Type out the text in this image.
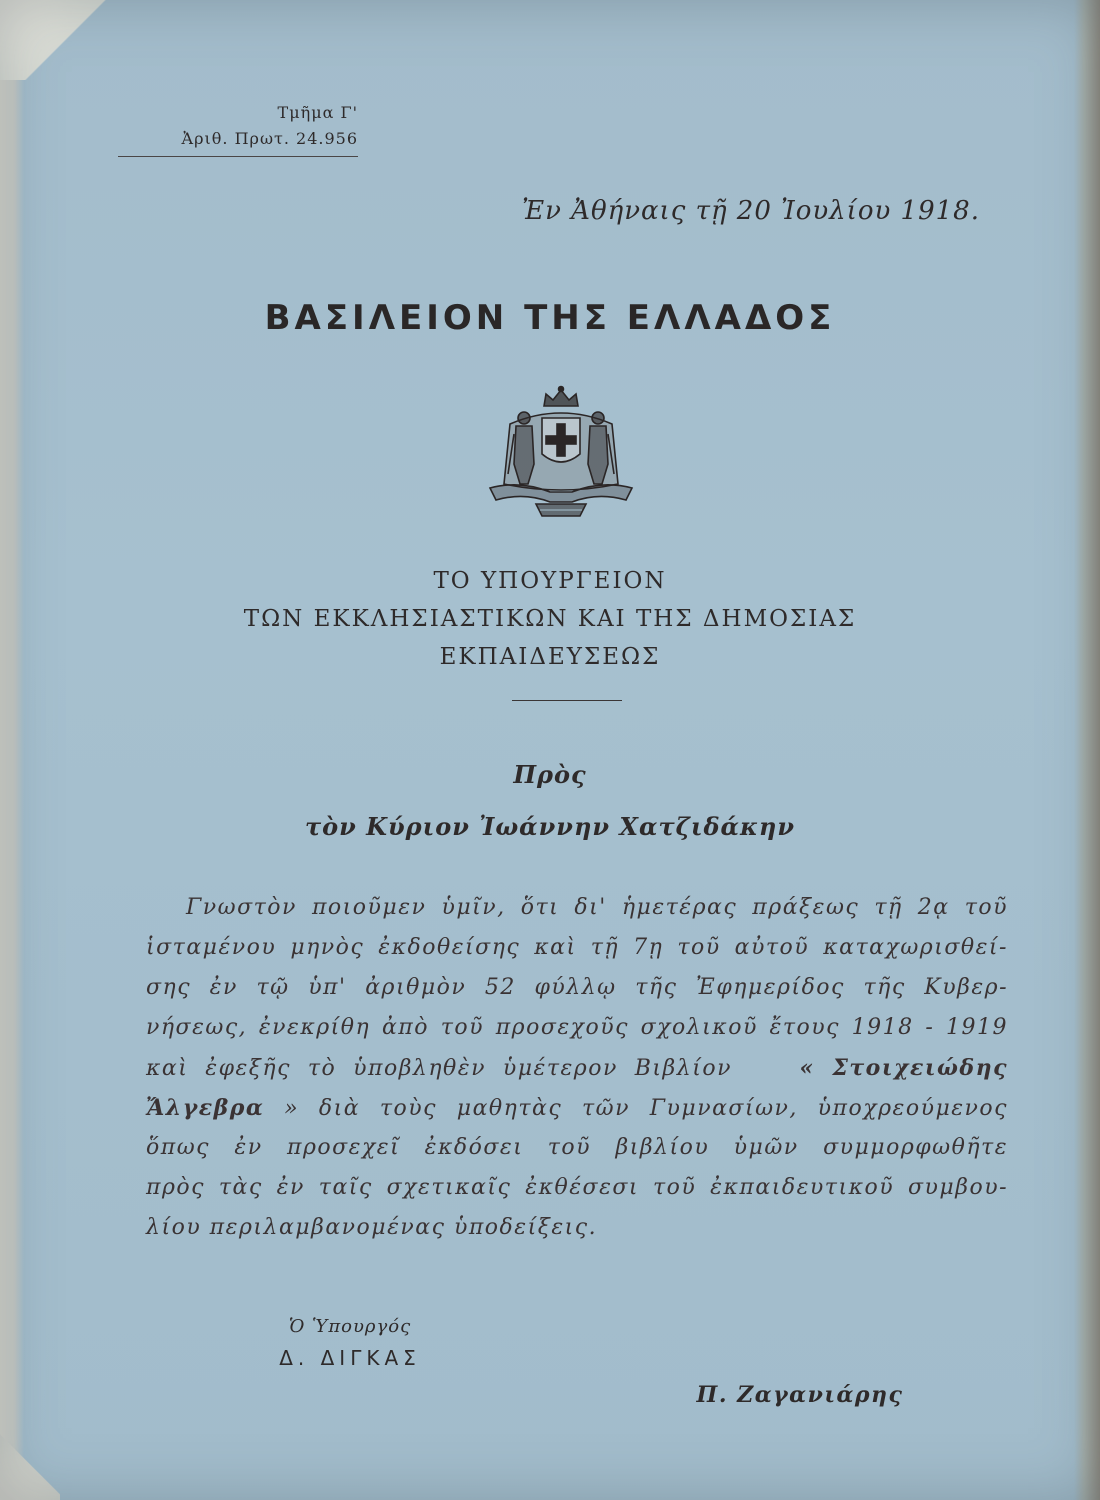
Τμῆμα Γ'
Ἀριθ. Πρωτ. 24.956
Ἐν Ἀθήναις τῇ 20 Ἰουλίου 1918.
ΒΑΣΙΛΕΙΟΝ ΤΗΣ ΕΛΛΑΔΟΣ
ΤΟ ΥΠΟΥΡΓΕΙΟΝ
ΤΩΝ ΕΚΚΛΗΣΙΑΣΤΙΚΩΝ ΚΑΙ ΤΗΣ ΔΗΜΟΣΙΑΣ
ΕΚΠΑΙΔΕΥΣΕΩΣ
Πρὸς
τὸν Κύριον Ἰωάννην Χατζιδάκην
Γνωστὸν ποιοῦμεν ὑμῖν, ὅτι δι' ἡμετέρας πράξεως τῇ 2ᾳ τοῦ
ἱσταμένου μηνὸς ἐκδοθείσης καὶ τῇ 7ῃ τοῦ αὐτοῦ καταχωρισθεί-
σης ἐν τῷ ὑπ' ἀριθμὸν 52 φύλλῳ τῆς Ἐφημερίδος τῆς Κυβερ-
νήσεως, ἐνεκρίθη ἀπὸ τοῦ προσεχοῦς σχολικοῦ ἔτους 1918 - 1919
καὶ ἐφεξῆς τὸ ὑποβληθὲν ὑμέτερον Βιβλίον	« Στοιχειώδης
Ἄλγεβρα » διὰ τοὺς μαθητὰς τῶν Γυμνασίων, ὑποχρεούμενος
ὅπως ἐν προσεχεῖ ἐκδόσει τοῦ βιβλίου ὑμῶν συμμορφωθῆτε
πρὸς τὰς ἐν ταῖς σχετικαῖς ἐκθέσεσι τοῦ ἐκπαιδευτικοῦ συμβου-
λίου περιλαμβανομένας ὑποδείξεις.
Ὁ Ὑπουργός
Δ. ΔΙΓΚΑΣ
Π. Ζαγανιάρης
